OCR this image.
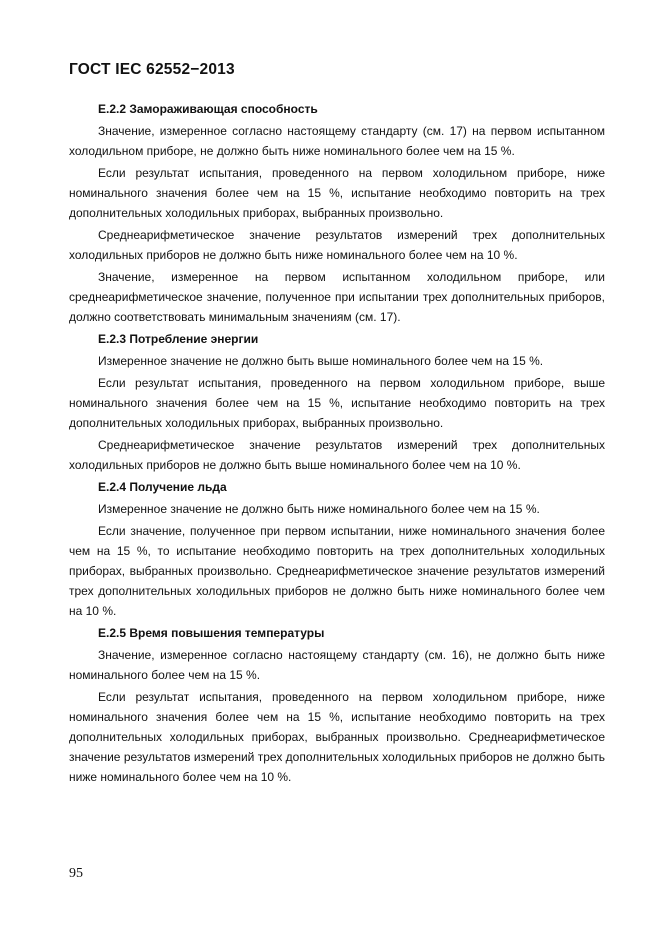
ГОСТ IEC 62552−2013
Е.2.2 Замораживающая способность

Значение, измеренное согласно настоящему стандарту (см. 17) на первом испытанном холодильном приборе, не должно быть ниже номинального более чем на 15 %.

Если результат испытания, проведенного на первом холодильном приборе, ниже номинального значения более чем на 15 %, испытание необходимо повторить на трех дополнительных холодильных приборах, выбранных произвольно.

Среднеарифметическое значение результатов измерений трех дополнительных холодильных приборов не должно быть ниже номинального более чем на 10 %.

Значение, измеренное на первом испытанном холодильном приборе, или среднеарифметическое значение, полученное при испытании трех дополнительных приборов, должно соответствовать минимальным значениям (см. 17).

Е.2.3 Потребление энергии

Измеренное значение не должно быть выше номинального более чем на 15 %.

Если результат испытания, проведенного на первом холодильном приборе, выше номинального значения более чем на 15 %, испытание необходимо повторить на трех дополнительных холодильных приборах, выбранных произвольно.

Среднеарифметическое значение результатов измерений трех дополнительных холодильных приборов не должно быть выше номинального более чем на 10 %.

Е.2.4 Получение льда

Измеренное значение не должно быть ниже номинального более чем на 15 %.

Если значение, полученное при первом испытании, ниже номинального значения более чем на 15 %, то испытание необходимо повторить на трех дополнительных холодильных приборах, выбранных произвольно. Среднеарифметическое значение результатов измерений трех дополнительных холодильных приборов не должно быть ниже номинального более чем на 10 %.

Е.2.5 Время повышения температуры

Значение, измеренное согласно настоящему стандарту (см. 16), не должно быть ниже номинального более чем на 15 %.

Если результат испытания, проведенного на первом холодильном приборе, ниже номинального значения более чем на 15 %, испытание необходимо повторить на трех дополнительных холодильных приборах, выбранных произвольно. Среднеарифметическое значение результатов измерений трех дополнительных холодильных приборов не должно быть ниже номинального более чем на 10 %.

95
